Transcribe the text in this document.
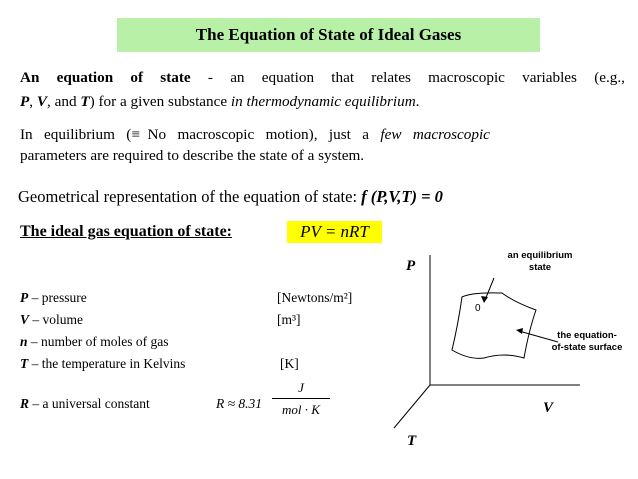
The Equation of State of Ideal Gases
An equation of state - an equation that relates macroscopic variables (e.g.,
P, V, and T) for a given substance in thermodynamic equilibrium.
In   equilibrium   (≡  No   macroscopic   motion),   just   a   few   macroscopic
parameters are required to describe the state of a system.
Geometrical representation of the equation of state: f (P,V,T) = 0
The ideal gas equation of state:	PV = nRT
P – pressure	[Newtons/m²]
V – volume	[m³]
n – number of moles of gas
T – the temperature in Kelvins	[K]
R – a universal constant	R ≈ 8.31
J
mol · K
0
P
V
T
an equilibrium
state
the equation-
of-state surface
